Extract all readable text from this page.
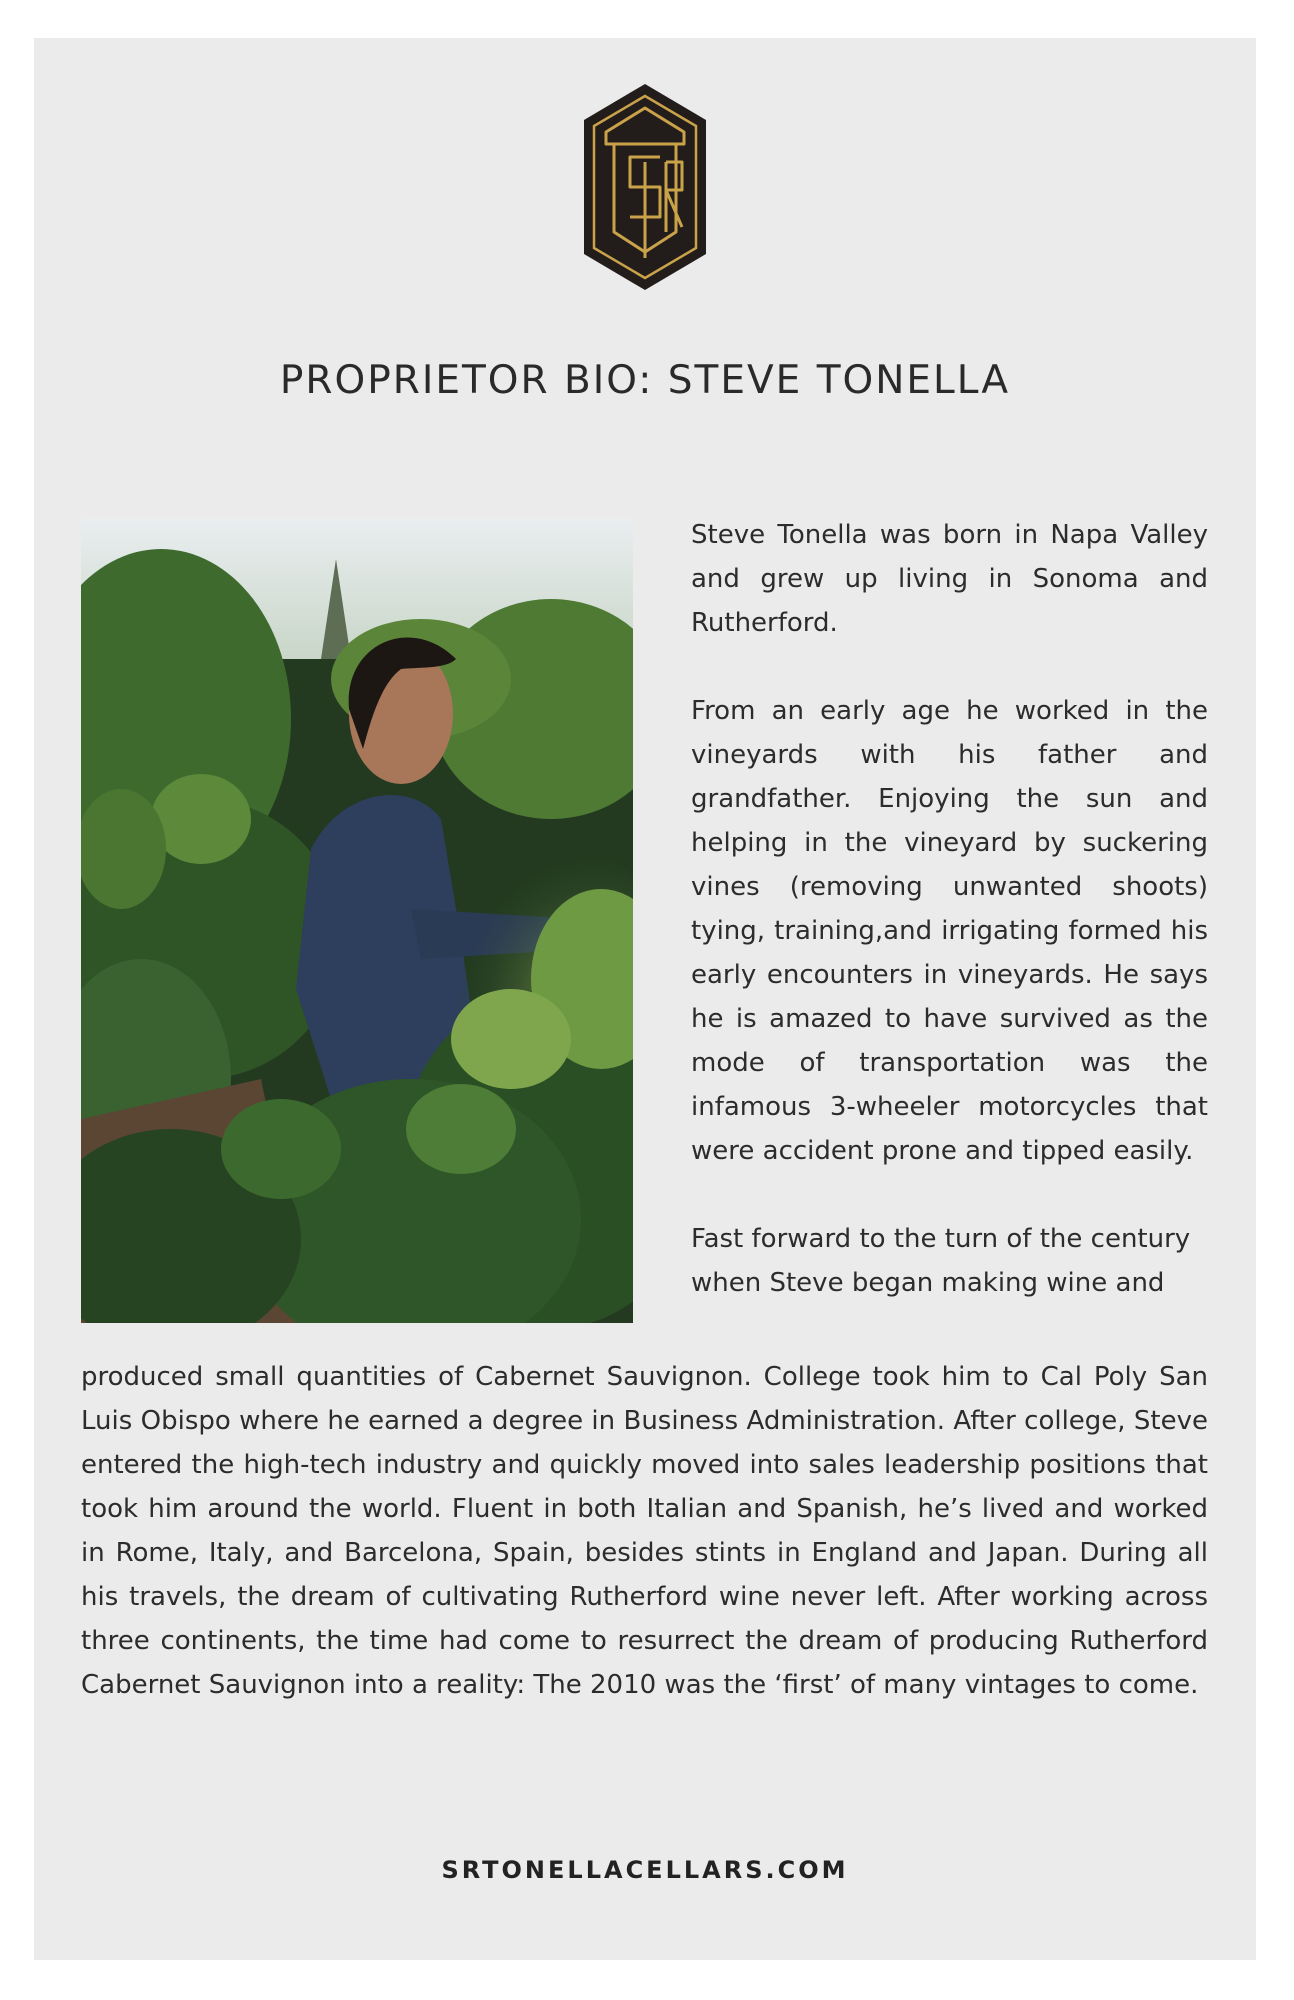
PROPRIETOR BIO: STEVE TONELLA

Steve Tonella was born in Napa Valley and grew up living in Sonoma and Rutherford.

From an early age he worked in the vineyards with his father and grandfather. Enjoying the sun and helping in the vineyard by suckering vines (removing unwanted shoots) tying, training,and irrigating formed his early encounters in vineyards. He says he is amazed to have survived as the mode of transportation was the infamous 3-wheeler motorcycles that were accident prone and tipped easily.

Fast forward to the turn of the century when Steve began making wine and

produced small quantities of Cabernet Sauvignon. College took him to Cal Poly San Luis Obispo where he earned a degree in Business Administration. After college, Steve entered the high-tech industry and quickly moved into sales leadership positions that took him around the world. Fluent in both Italian and Spanish, he’s lived and worked in Rome, Italy, and Barcelona, Spain, besides stints in England and Japan. During all his travels, the dream of cultivating Rutherford wine never left. After working across three continents, the time had come to resurrect the dream of producing Rutherford Cabernet Sauvignon into a reality: The 2010 was the ‘first’ of many vintages to come.

SRTONELLACELLARS.COM
